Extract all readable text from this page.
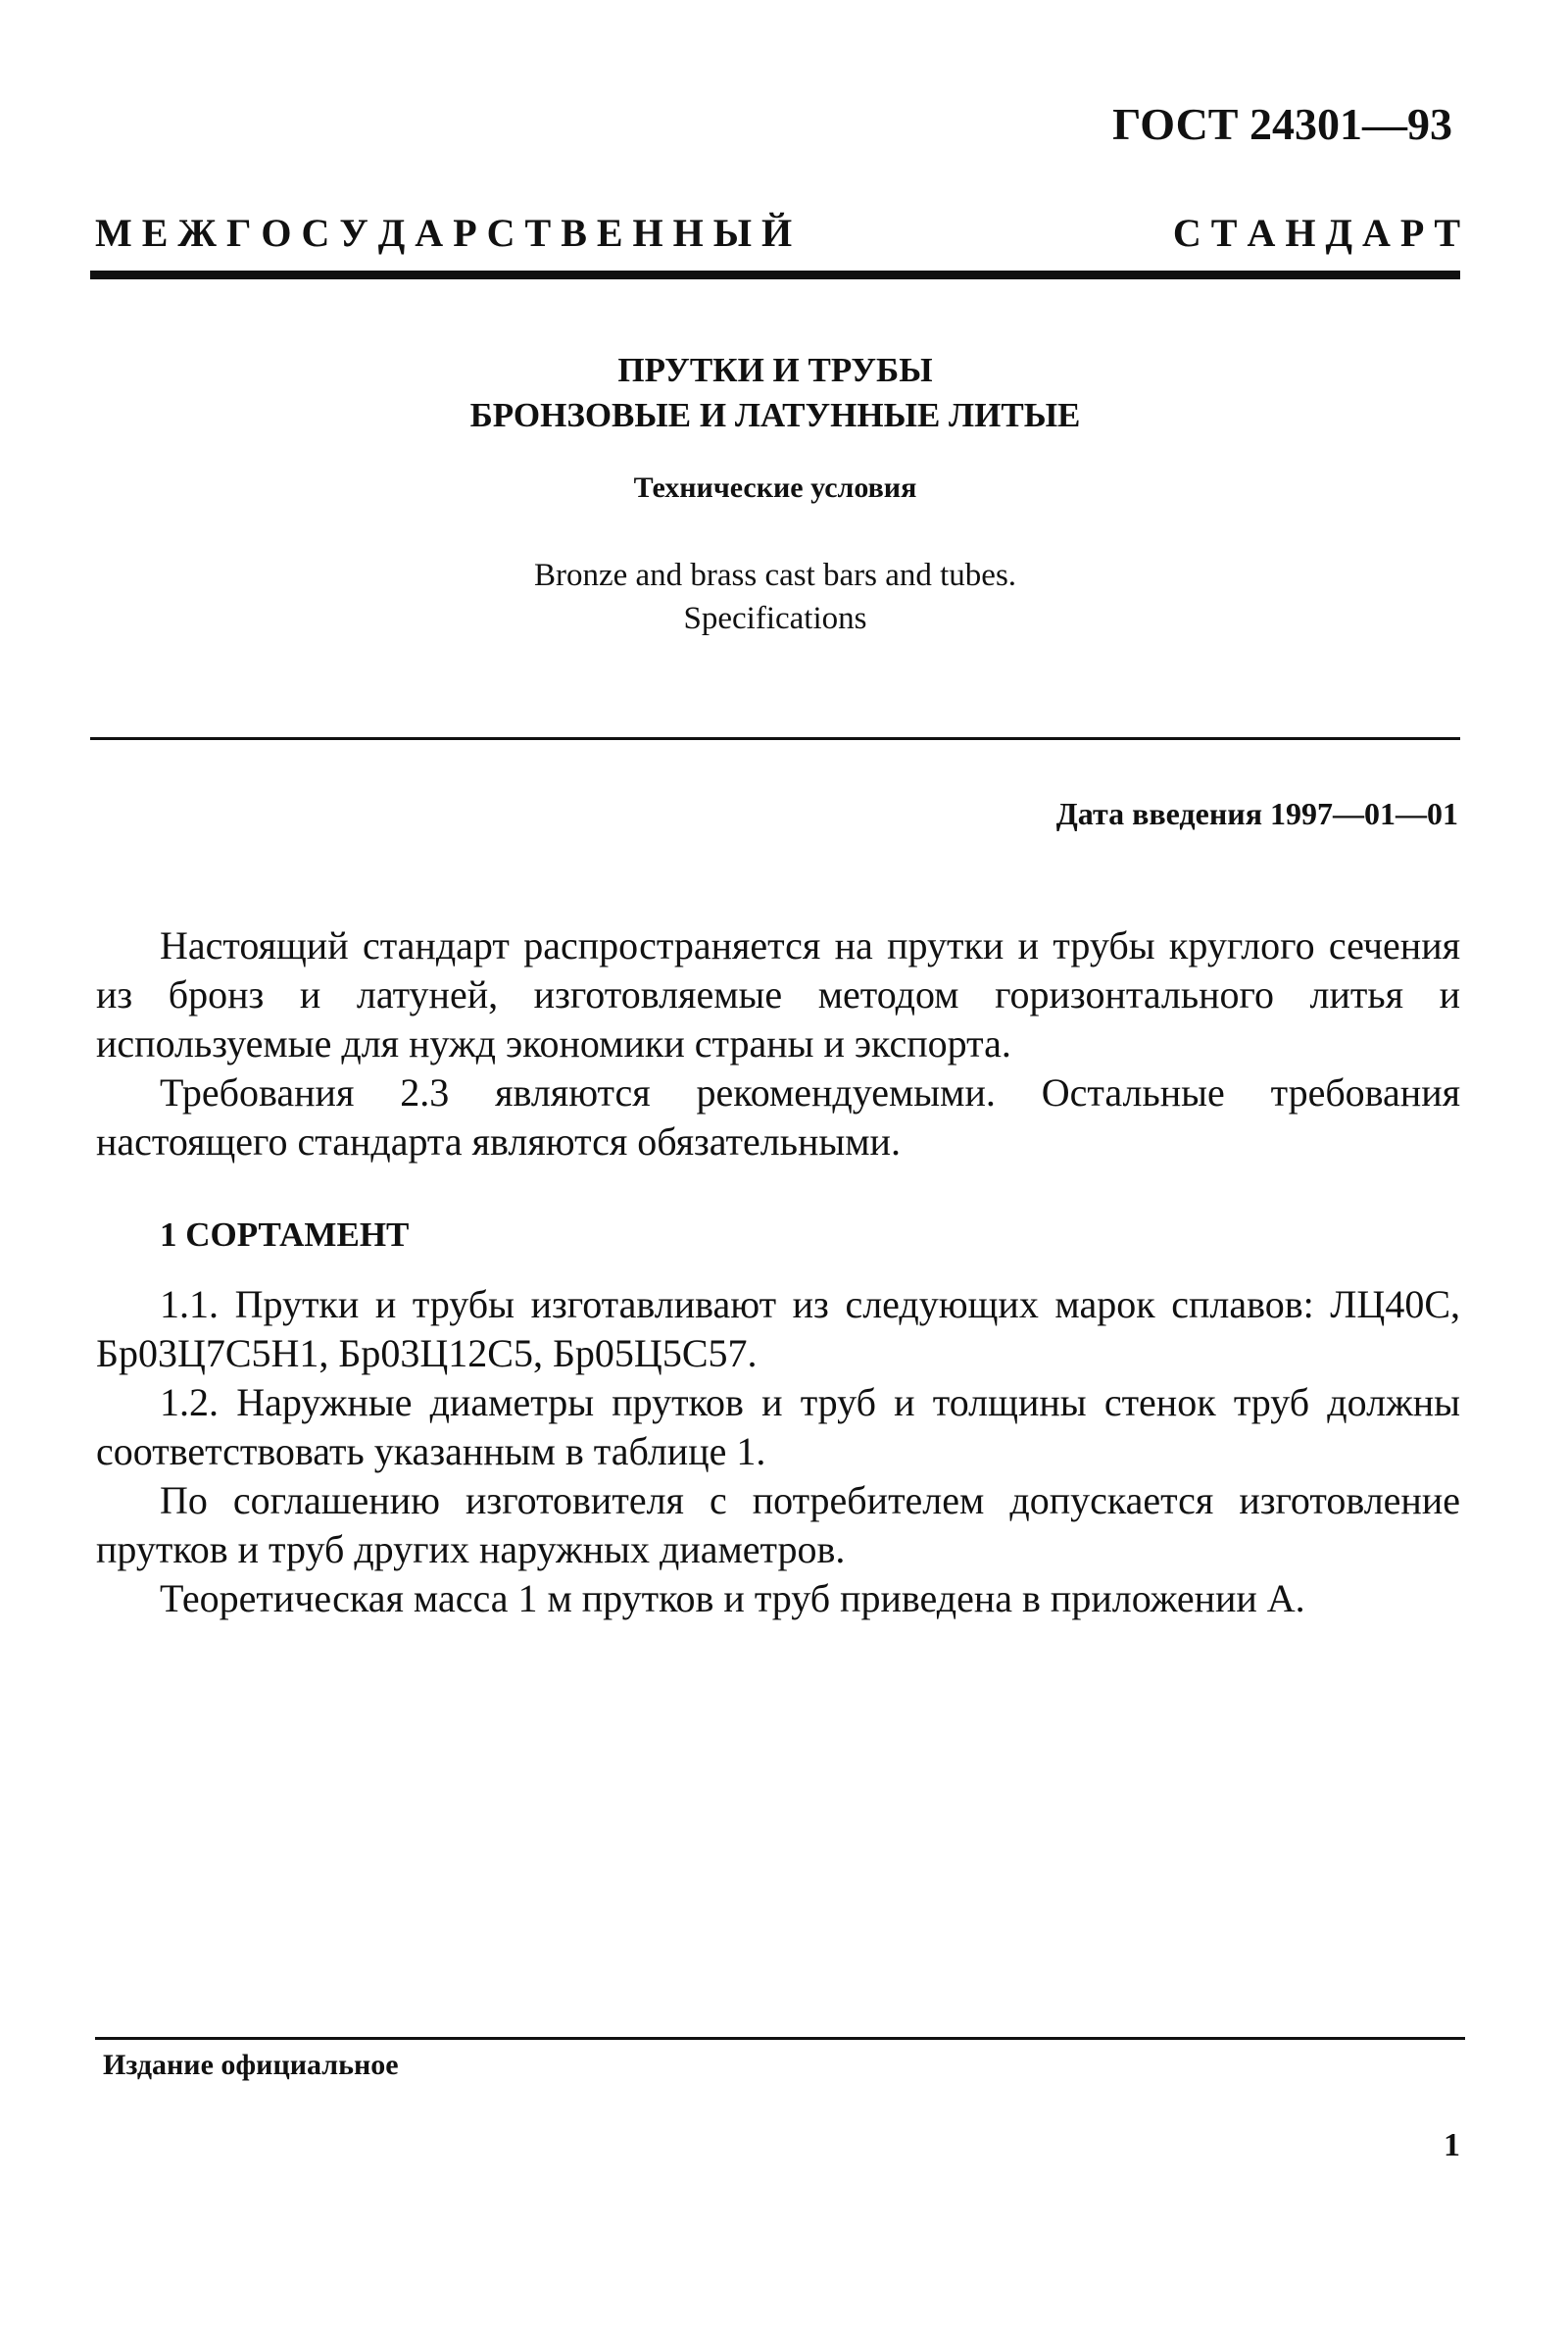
ГОСТ 24301—93
М Е Ж Г О С У Д А Р С Т В Е Н Н Ы Й	С Т А Н Д А Р Т
ПРУТКИ И ТРУБЫ
БРОНЗОВЫЕ И ЛАТУННЫЕ ЛИТЫЕ
Технические условия
Bronze and brass cast bars and tubes.
Specifications
Дата введения 1997—01—01

Настоящий стандарт распространяется на прутки и трубы круглого сечения из бронз и латуней, изготовляемые методом горизонтального литья и используемые для нужд экономики страны и экспорта.

Требования 2.3 являются рекомендуемыми. Остальные требования настоящего стандарта являются обязательными.

1 СОРТАМЕНТ

1.1. Прутки и трубы изготавливают из следующих марок сплавов: ЛЦ40С, Бр03Ц7С5Н1, Бр03Ц12С5, Бр05Ц5С57.

1.2. Наружные диаметры прутков и труб и толщины стенок труб должны соответствовать указанным в таблице 1.

По соглашению изготовителя с потребителем допускается изготовление прутков и труб других наружных диаметров.

Теоретическая масса 1 м прутков и труб приведена в приложении А.

Издание официальное
1
